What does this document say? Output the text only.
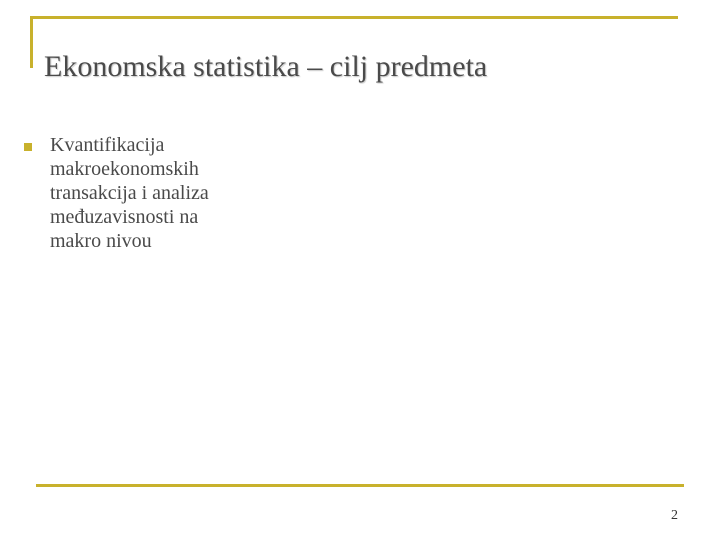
Ekonomska statistika – cilj predmeta
Kvantifikacija makroekonomskih transakcija i analiza međuzavisnosti na makro nivou
2
